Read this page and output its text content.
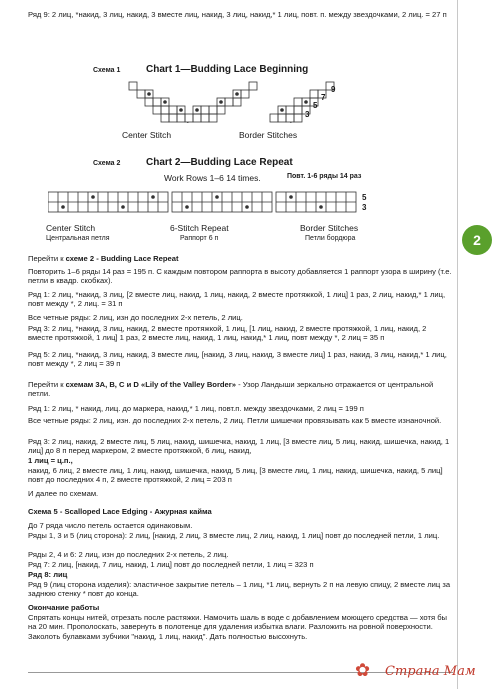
Ряд 9: 2 лиц, *накид, 3 лиц, накид, 3 вместе лиц, накид, 3 лиц, накид,* 1 лиц, повт. п. между звездочками, 2 лиц. = 27 п

Схема 1	Chart 1—Budding Lace Beginning
9
7
5
3
Center Stitch	Border Stitches
Схема 2	Chart 2—Budding Lace Repeat
Work Rows 1–6 14 times.	Повт. 1-6 ряды 14 раз
5
3
Center Stitch
Центральная петля
6-Stitch Repeat
Раппорт 6 п
Border Stitches
Петли бордюра	2

Перейти к схеме 2 - Budding Lace Repeat

Повторить 1–6 ряды 14 раз = 195 п. С каждым повтором раппорта в высоту добавляется 1 раппорт узора в ширину (т.е. петли в квадр. скобках).

Ряд 1: 2 лиц, *накид, 3 лиц, [2 вместе лиц, накид, 1 лиц, накид, 2 вместе протяжкой, 1 лиц] 1 раз, 2 лиц, накид,* 1 лиц, повт между *, 2 лиц. = 31 п

Все четные ряды: 2 лиц, изн до последних 2-х петель, 2 лиц.

Ряд 3: 2 лиц, *накид, 3 лиц, накид, 2 вместе протяжкой, 1 лиц, [1 лиц, накид, 2 вместе протяжкой, 1 лиц, накид, 2 вместе протяжкой, 1 лиц] 1 раз, 2 вместе лиц, накид, 1 лиц, накид,* 1 лиц, повт между *, 2 лиц = 35 п

Ряд 5: 2 лиц, *накид, 3 лиц, накид, 3 вместе лиц, [накид, 3 лиц, накид, 3 вместе лиц] 1 раз, накид, 3 лиц, накид,* 1 лиц, повт между *, 2 лиц = 39 п

Перейти к схемам 3А, В, С и D «Lily of the Valley Border» - Узор Ландыши зеркально отражается от центральной петли.

Ряд 1: 2 лиц, * накид, лиц. до маркера, накид,* 1 лиц, повт.п. между звездочками, 2 лиц = 199 п

Все четные ряды: 2 лиц, изн. до последних 2-х петель, 2 лиц. Петли шишечки провязывать как 5 вместе изнаночной.

Ряд 3: 2 лиц, накид, 2 вместе лиц, 5 лиц, накид, шишечка, накид, 1 лиц, [3 вместе лиц, 5 лиц, накид, шишечка, накид, 1 лиц] до 8 п перед маркером, 2 вместе протяжкой, 6 лиц, накид,

1 лиц = ц.п.,

накид, 6 лиц, 2 вместе лиц, 1 лиц, накид, шишечка, накид, 5 лиц, [3 вместе лиц, 1 лиц, накид, шишечка, накид, 5 лиц] повт до последних 4 п, 2 вместе протяжкой, 2 лиц = 203 п

И далее по схемам.

Схема 5 - Scalloped Lace Edging - Ажурная кайма

До 7 ряда число петель остается одинаковым.

Ряды 1, 3 и 5 (лиц сторона): 2 лиц, [накид, 2 лиц, 3 вместе лиц, 2 лиц, накид, 1 лиц] повт до последней петли, 1 лиц.

Ряды 2, 4 и 6: 2 лиц, изн до последних 2-х петель, 2 лиц.

Ряд 7: 2 лиц, [накид, 7 лиц, накид, 1 лиц] повт до последней петли, 1 лиц = 323 п

Ряд 8: лиц

Ряд 9 (лиц сторона изделия): эластичное закрытие петель – 1 лиц, *1 лиц, вернуть 2 п на левую спицу, 2 вместе лиц за заднюю стенку * повт до конца.

Окончание работы

Спрятать концы нитей, отрезать после растяжки. Намочить шаль в воде с добавлением моющего средства — хотя бы на 20 мин. Прополоскать, завернуть в полотенце для удаления избытка влаги. Разложить на ровной поверхности. Заколоть булавками зубчики "накид, 1 лиц, накид". Дать полностью высохнуть.

✿ Страна Мам
